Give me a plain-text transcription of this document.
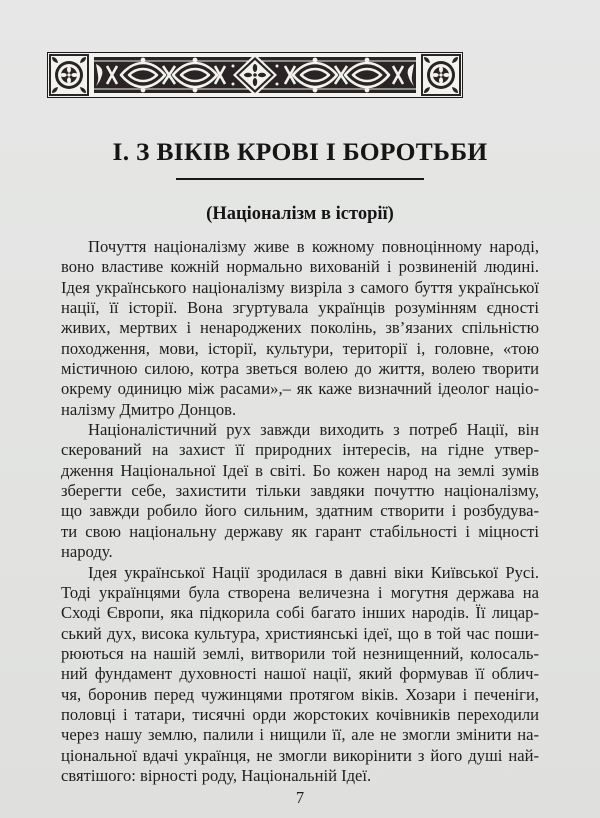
І. З ВІКІВ КРОВІ І БОРОТЬБИ
(Націоналізм в історії)
Почуття націоналізму живе в кожному повноцінному народі,
воно властиве кожній нормально вихованій і розвиненій людині.
Ідея українського націоналізму визріла з самого буття української
нації, її історії. Вона згуртувала українців розумінням єдності
живих, мертвих і ненароджених поколінь, зв’язаних спільністю
походження, мови, історії, культури, території і, головне, «тою
містичною силою, котра зветься волею до життя, волею творити
окрему одиницю між расами»,– як каже визначний ідеолог націо-
налізму Дмитро Донцов.
Націоналістичний рух завжди виходить з потреб Нації, він
скерований на захист її природних інтересів, на гідне утвер-
дження Національної Ідеї в світі. Бо кожен народ на землі зумів
зберегти себе, захистити тільки завдяки почуттю націоналізму,
що завжди робило його сильним, здатним створити і розбудува-
ти свою національну державу як гарант стабільності і міцності
народу.
Ідея української Нації зродилася в давні віки Київської Русі.
Тоді українцями була створена величезна і могутня держава на
Сході Європи, яка підкорила собі багато інших народів. Її лицар-
ський дух, висока культура, християнські ідеї, що в той час поши-
рюються на нашій землі, витворили той незнищенний, колосаль-
ний фундамент духовності нашої нації, який формував її облич-
чя, боронив перед чужинцями протягом віків. Хозари і печеніги,
половці і татари, тисячні орди жорстоких кочівників переходили
через нашу землю, палили і нищили її, але не змогли змінити на-
ціональної вдачі українця, не змогли викорінити з його душі най-
святішого: вірності роду, Національній Ідеї.
7
